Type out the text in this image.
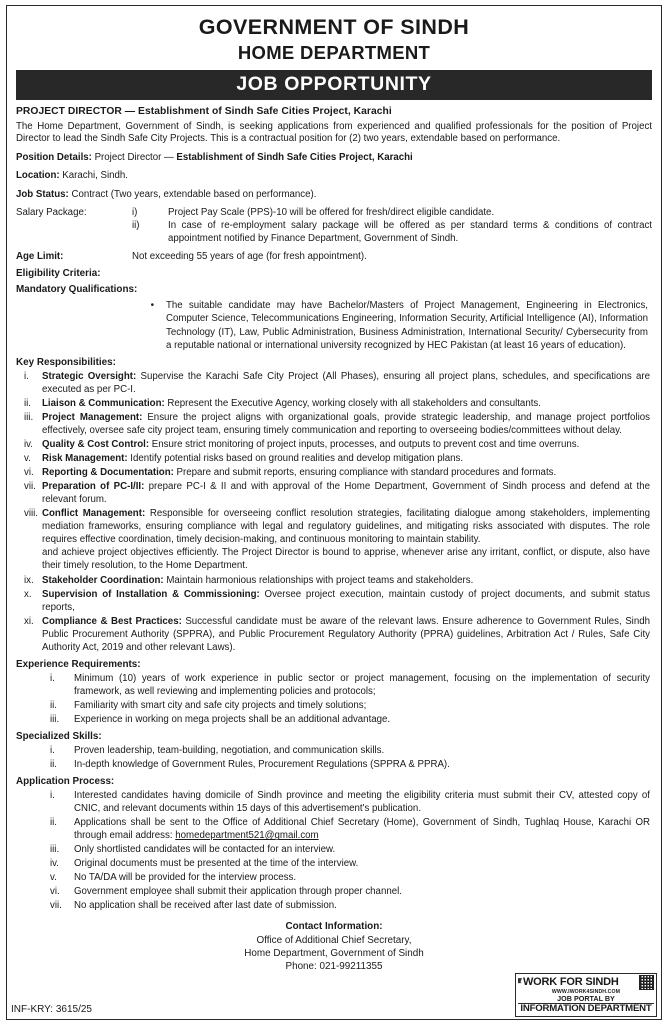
GOVERNMENT OF SINDH
HOME DEPARTMENT
JOB OPPORTUNITY
PROJECT DIRECTOR — Establishment of Sindh Safe Cities Project, Karachi

The Home Department, Government of Sindh, is seeking applications from experienced and qualified professionals for the position of Project Director to lead the Sindh Safe City Projects. This is a contractual position for (2) two years, extendable based on performance.

Position Details: Project Director — Establishment of Sindh Safe Cities Project, Karachi
Location: Karachi, Sindh.
Job Status: Contract (Two years, extendable based on performance).
Salary Package:	i)	Project Pay Scale (PPS)-10 will be offered for fresh/direct eligible candidate.
ii)	In case of re-employment salary package will be offered as per standard terms & conditions of contract appointment notified by Finance Department, Government of Sindh.
Age Limit:	Not exceeding 55 years of age (for fresh appointment).
Eligibility Criteria:
Mandatory Qualifications:
•	The suitable candidate may have Bachelor/Masters of Project Management, Engineering in Electronics, Computer Science, Telecommunications Engineering, Information Security, Artificial Intelligence (AI), Information Technology (IT), Law, Public Administration, Business Administration, International Security/ Cybersecurity from a reputable national or international university recognized by HEC Pakistan (at least 16 years of education).
Key Responsibilities:
i.	Strategic Oversight: Supervise the Karachi Safe City Project (All Phases), ensuring all project plans, schedules, and specifications are executed as per PC-I.
ii.	Liaison & Communication: Represent the Executive Agency, working closely with all stakeholders and consultants.
iii. Project Management: Ensure the project aligns with organizational goals, provide strategic leadership, and manage project portfolios effectively, oversee safe city project team, ensuring timely communication and reporting to overseeing bodies/committees without delay.
iv. Quality & Cost Control: Ensure strict monitoring of project inputs, processes, and outputs to prevent cost and time overruns.
v.	Risk Management: Identify potential risks based on ground realities and develop mitigation plans.
vi. Reporting & Documentation: Prepare and submit reports, ensuring compliance with standard procedures and formats.
vii. Preparation of PC-I/II: prepare PC-I & II and with approval of the Home Department, Government of Sindh process and defend at the relevant forum.
viii. Conflict Management: Responsible for overseeing conflict resolution strategies, facilitating dialogue among stakeholders, implementing mediation frameworks, ensuring compliance with legal and regulatory guidelines, and mitigating risks associated with disputes. The role requires effective coordination, timely decision-making, and continuous monitoring to maintain stability.
and achieve project objectives efficiently. The Project Director is bound to apprise, whenever arise any irritant, conflict, or dispute, also have their timely resolution, to the Home Department.
ix. Stakeholder Coordination: Maintain harmonious relationships with project teams and stakeholders.
x.	Supervision of Installation & Commissioning: Oversee project execution, maintain custody of project documents, and submit status reports,
xi. Compliance & Best Practices: Successful candidate must be aware of the relevant laws. Ensure adherence to Government Rules, Sindh Public Procurement Authority (SPPRA), and Public Procurement Regulatory Authority (PPRA) guidelines, Arbitration Act / Rules, Safe City Authority Act, 2019 and other relevant Laws).
Experience Requirements:
i.	Minimum (10) years of work experience in public sector or project management, focusing on the implementation of security framework, as well reviewing and implementing policies and protocols;
ii.	Familiarity with smart city and safe city projects and timely solutions;
iii.	Experience in working on mega projects shall be an additional advantage.
Specialized Skills:
i.	Proven leadership, team-building, negotiation, and communication skills.
ii.	In-depth knowledge of Government Rules, Procurement Regulations (SPPRA & PPRA).
Application Process:
i.	Interested candidates having domicile of Sindh province and meeting the eligibility criteria must submit their CV, attested copy of CNIC, and relevant documents within 15 days of this advertisement's publication.
ii.	Applications shall be sent to the Office of Additional Chief Secretary (Home), Government of Sindh, Tughlaq House, Karachi OR through email address: homedepartment521@gmail.com
iii.	Only shortlisted candidates will be contacted for an interview.
iv.	Original documents must be presented at the time of the interview.
v.	No TA/DA will be provided for the interview process.
vi.	Government employee shall submit their application through proper channel.
vii.	No application shall be received after last date of submission.
Contact Information:
Office of Additional Chief Secretary,
Home Department, Government of Sindh
Phone: 021-99211355
INF-KRY: 3615/25
WORK FOR SINDH
WWW.IWORK4SINDH.COM
JOB PORTAL BY
INFORMATION DEPARTMENT
